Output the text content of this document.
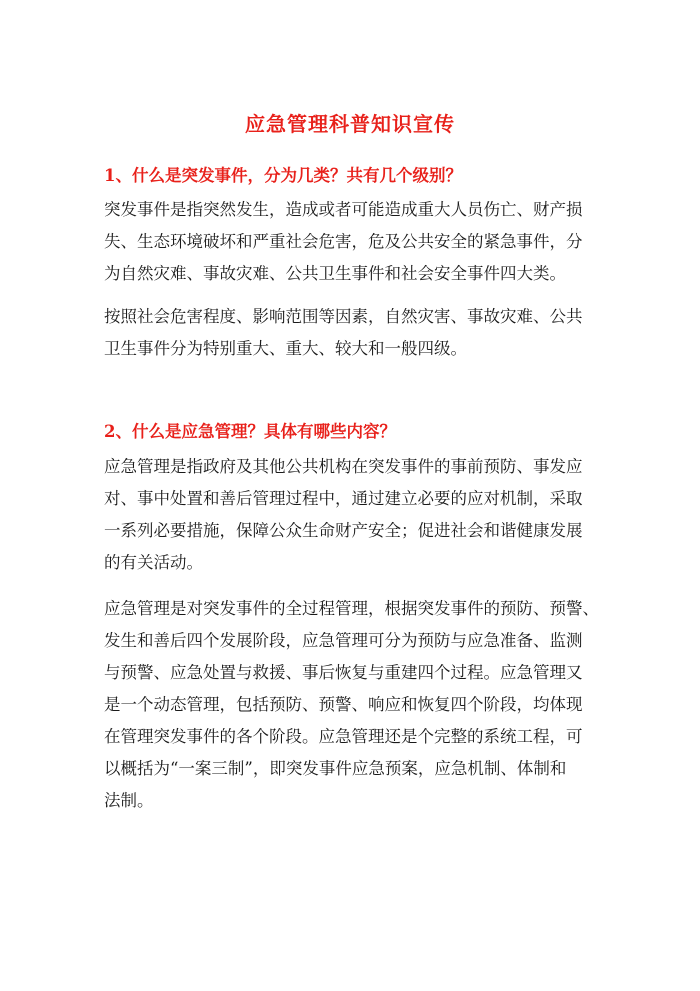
应急管理科普知识宣传
1、什么是突发事件，分为几类？共有几个级别？

突发事件是指突然发生，造成或者可能造成重大人员伤亡、财产损
失、生态环境破坏和严重社会危害，危及公共安全的紧急事件，分
为自然灾难、事故灾难、公共卫生事件和社会安全事件四大类。

按照社会危害程度、影响范围等因素，自然灾害、事故灾难、公共
卫生事件分为特别重大、重大、较大和一般四级。

2、什么是应急管理？具体有哪些内容？

应急管理是指政府及其他公共机构在突发事件的事前预防、事发应
对、事中处置和善后管理过程中，通过建立必要的应对机制，采取
一系列必要措施，保障公众生命财产安全；促进社会和谐健康发展
的有关活动。

应急管理是对突发事件的全过程管理，根据突发事件的预防、预警、
发生和善后四个发展阶段，应急管理可分为预防与应急准备、监测
与预警、应急处置与救援、事后恢复与重建四个过程。应急管理又
是一个动态管理，包括预防、预警、响应和恢复四个阶段，均体现
在管理突发事件的各个阶段。应急管理还是个完整的系统工程，可
以概括为“一案三制”，即突发事件应急预案，应急机制、体制和
法制。
